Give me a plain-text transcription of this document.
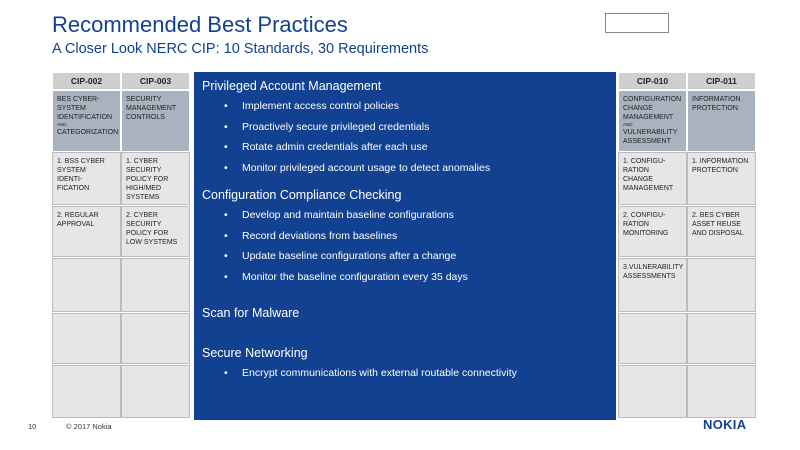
Recommended Best Practices
A Closer Look NERC CIP: 10 Standards, 30 Requirements
CIP-002
BES CYBER-
SYSTEM
IDENTIFICATION
AND
CATEGORIZATION
1. BSS CYBER
SYSTEM
IDENTI-
FICATION
2. REGULAR
APPROVAL
CIP-003
SECURITY
MANAGEMENT
CONTROLS
1. CYBER
SECURITY
POLICY FOR
HIGH/MED
SYSTEMS
2. CYBER
SECURITY
POLICY FOR
LOW SYSTEMS
CIP-010
CONFIGURATION
CHANGE
MANAGEMENT
AND
VULNERABILITY
ASSESSMENT
1. CONFIGU-
RATION
CHANGE
MANAGEMENT
2. CONFIGU-
RATION
MONITORING
3.VULNERABILITY
ASSESSMENTS
CIP-011
INFORMATION
PROTECTION
1. INFORMATION
PROTECTION
2. BES CYBER
ASSET REUSE
AND DISPOSAL
Privileged Account Management
• Implement access control policies
• Proactively secure privileged credentials
• Rotate admin credentials after each use
• Monitor privileged account usage to detect anomalies
Configuration Compliance Checking
• Develop and maintain baseline configurations
• Record deviations from baselines
• Update baseline configurations after a change
• Monitor the baseline configuration every 35 days
Scan for Malware
Secure Networking
• Encrypt communications with external routable connectivity
10	© 2017 Nokia	NOKIA
